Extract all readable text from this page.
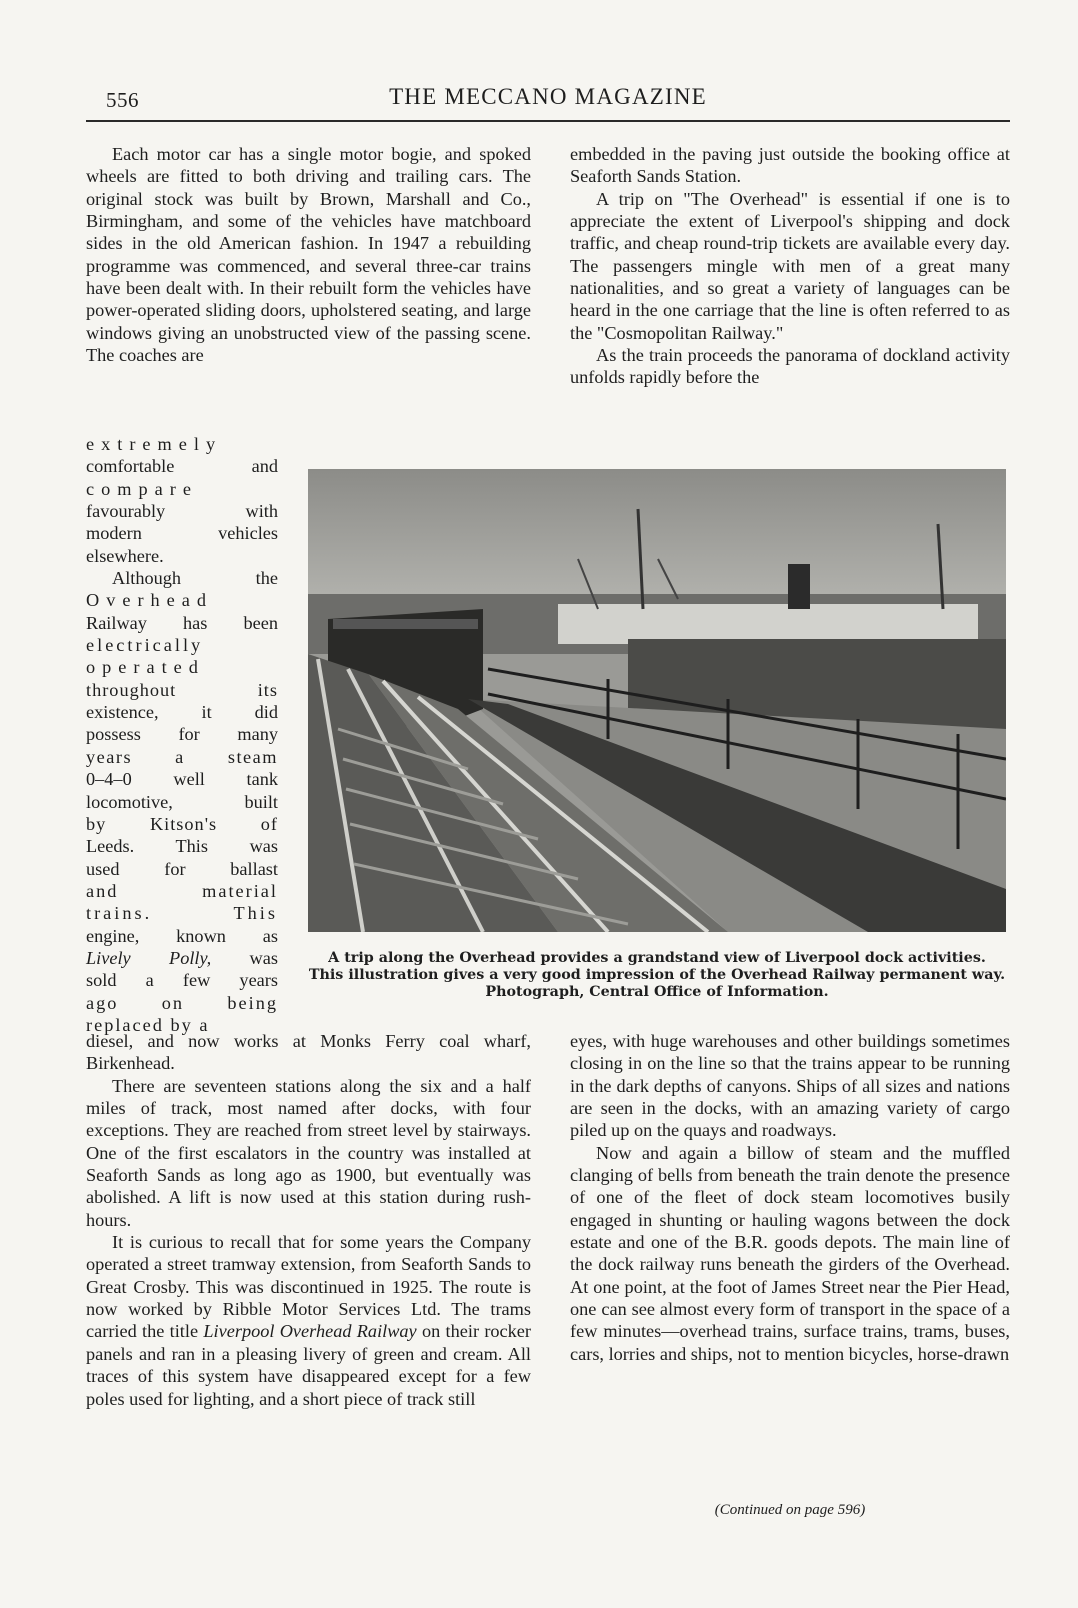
556	THE MECCANO MAGAZINE

Each motor car has a single motor bogie, and spoked wheels are fitted to both driving and trailing cars. The original stock was built by Brown, Marshall and Co., Birmingham, and some of the vehicles have matchboard sides in the old American fashion. In 1947 a rebuilding programme was commenced, and several three-car trains have been dealt with. In their rebuilt form the vehicles have power-operated sliding doors, upholstered seating, and large windows giving an unobstructed view of the passing scene. The coaches are

embedded in the paving just outside the booking office at Seaforth Sands Station.

A trip on "The Overhead" is essential if one is to appreciate the extent of Liverpool's shipping and dock traffic, and cheap round-trip tickets are available every day. The passengers mingle with men of a great many nationalities, and so great a variety of languages can be heard in the one carriage that the line is often referred to as the "Cosmopolitan Railway."

As the train proceeds the panorama of dockland activity unfolds rapidly before the

extremely
comfortable and
compare
favourably with
modern vehicles
elsewhere.
Although the
Overhead
Railway has been
electrically
operated
throughout its
existence, it did
possess for many
years a steam
0–4–0 well tank
locomotive, built
by Kitson's of
Leeds. This was
used for ballast
and material
trains. This
engine, known as
Lively Polly, was
sold a few years
ago on being
replaced by a
A trip along the Overhead provides a grandstand view of Liverpool dock activities.
This illustration gives a very good impression of the Overhead Railway permanent way.
Photograph, Central Office of Information.

diesel, and now works at Monks Ferry coal wharf, Birkenhead.

There are seventeen stations along the six and a half miles of track, most named after docks, with four exceptions. They are reached from street level by stairways. One of the first escalators in the country was installed at Seaforth Sands as long ago as 1900, but eventually was abolished. A lift is now used at this station during rush-hours.

It is curious to recall that for some years the Company operated a street tramway extension, from Seaforth Sands to Great Crosby. This was discontinued in 1925. The route is now worked by Ribble Motor Services Ltd. The trams carried the title Liverpool Overhead Railway on their rocker panels and ran in a pleasing livery of green and cream. All traces of this system have disappeared except for a few poles used for lighting, and a short piece of track still

eyes, with huge warehouses and other buildings sometimes closing in on the line so that the trains appear to be running in the dark depths of canyons. Ships of all sizes and nations are seen in the docks, with an amazing variety of cargo piled up on the quays and roadways.

Now and again a billow of steam and the muffled clanging of bells from beneath the train denote the presence of one of the fleet of dock steam locomotives busily engaged in shunting or hauling wagons between the dock estate and one of the B.R. goods depots. The main line of the dock railway runs beneath the girders of the Overhead. At one point, at the foot of James Street near the Pier Head, one can see almost every form of transport in the space of a few minutes—overhead trains, surface trains, trams, buses, cars, lorries and ships, not to mention bicycles, horse-drawn

(Continued on page 596)
